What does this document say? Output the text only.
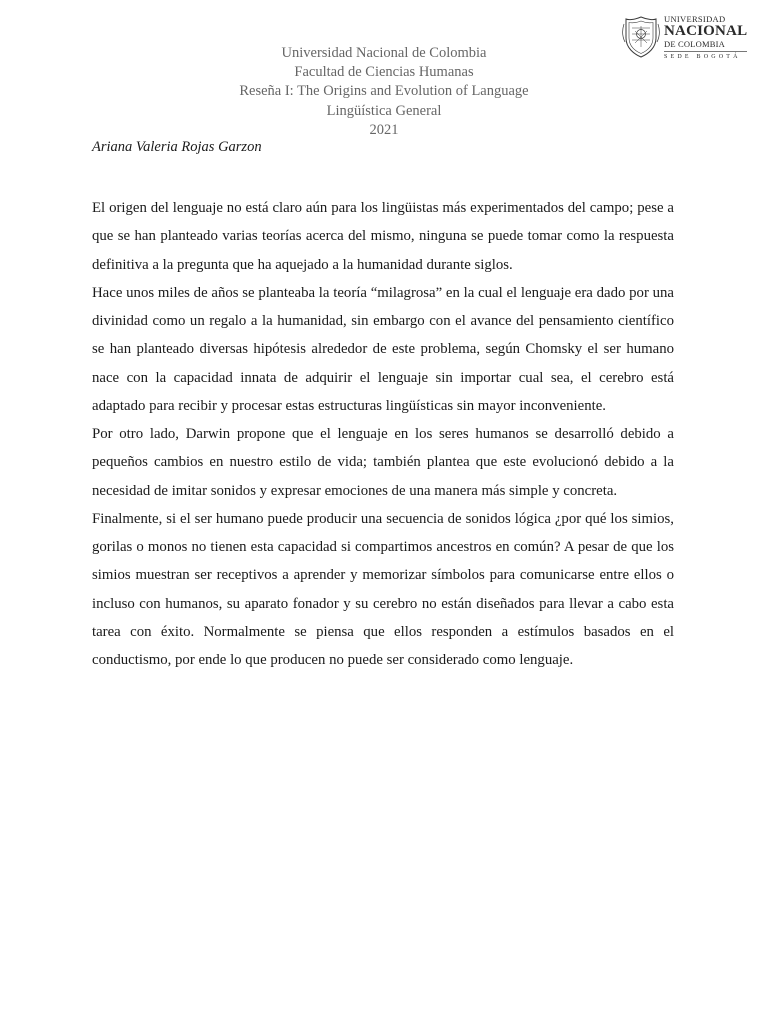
UNIVERSIDAD
NACIONAL
DE COLOMBIA
SEDE BOGOTÁ
Universidad Nacional de Colombia
Facultad de Ciencias Humanas
Reseña I: The Origins and Evolution of Language
Lingüística General
2021
Ariana Valeria Rojas Garzon

El origen del lenguaje no está claro aún para los lingüistas más experimentados del campo; pese a que se han planteado varias teorías acerca del mismo, ninguna se puede tomar como la respuesta definitiva a la pregunta que ha aquejado a la humanidad durante siglos.

Hace unos miles de años se planteaba la teoría “milagrosa” en la cual el lenguaje era dado por una divinidad como un regalo a la humanidad, sin embargo con el avance del pensamiento científico se han planteado diversas hipótesis alrededor de este problema, según Chomsky el ser humano nace con la capacidad innata de adquirir el lenguaje sin importar cual sea, el cerebro está adaptado para recibir y procesar estas estructuras lingüísticas sin mayor inconveniente.

Por otro lado, Darwin propone que el lenguaje en los seres humanos se desarrolló debido a pequeños cambios en nuestro estilo de vida; también plantea que este evolucionó debido a la necesidad de imitar sonidos y expresar emociones de una manera más simple y concreta.

Finalmente, si el ser humano puede producir una secuencia de sonidos lógica ¿por qué los simios, gorilas o monos no tienen esta capacidad si compartimos ancestros en común? A pesar de que los simios muestran ser receptivos a aprender y memorizar símbolos para comunicarse entre ellos o incluso con humanos, su aparato fonador y su cerebro no están diseñados para llevar a cabo esta tarea con éxito. Normalmente se piensa que ellos responden a estímulos basados en el conductismo, por ende lo que producen no puede ser considerado como lenguaje.
